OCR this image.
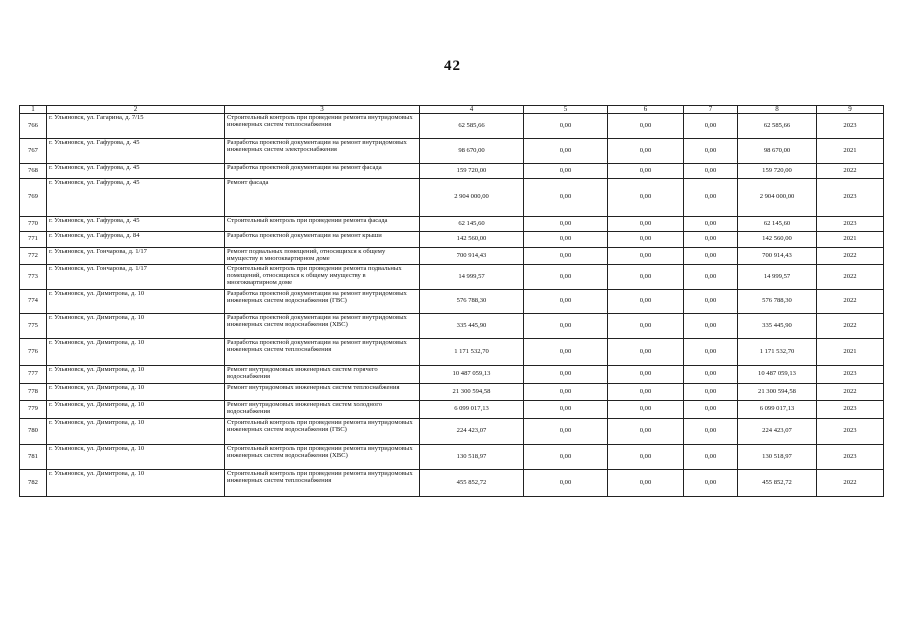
42
1	2	3	4	5	6	7	8	9
766	г. Ульяновск, ул. Гагарина, д. 7/15	Строительный контроль при проведении ремонта внутридомовых инженерных систем теплоснабжения	62 585,66	0,00	0,00	0,00	62 585,66	2023
767	г. Ульяновск, ул. Гафурова, д. 45	Разработка проектной документации на ремонт внутридомовых инженерных систем электроснабжения	98 670,00	0,00	0,00	0,00	98 670,00	2021
768	г. Ульяновск, ул. Гафурова, д. 45	Разработка проектной документации на ремонт фасада	159 720,00	0,00	0,00	0,00	159 720,00	2022
769	г. Ульяновск, ул. Гафурова, д. 45	Ремонт фасада	2 904 000,00	0,00	0,00	0,00	2 904 000,00	2023
770	г. Ульяновск, ул. Гафурова, д. 45	Строительный контроль при проведении ремонта фасада	62 145,60	0,00	0,00	0,00	62 145,60	2023
771	г. Ульяновск, ул. Гафурова, д. 84	Разработка проектной документации на ремонт крыши	142 560,00	0,00	0,00	0,00	142 560,00	2021
772	г. Ульяновск, ул. Гончарова, д. 1/17	Ремонт подвальных помещений, относящихся к общему имуществу в многоквартирном доме	700 914,43	0,00	0,00	0,00	700 914,43	2022
773	г. Ульяновск, ул. Гончарова, д. 1/17	Строительный контроль при проведении ремонта подвальных помещений, относящихся к общему имуществу в многоквартирном доме	14 999,57	0,00	0,00	0,00	14 999,57	2022
774	г. Ульяновск, ул. Димитрова, д. 10	Разработка проектной документации на ремонт внутридомовых инженерных систем водоснабжения (ГВС)	576 788,30	0,00	0,00	0,00	576 788,30	2022
775	г. Ульяновск, ул. Димитрова, д. 10	Разработка проектной документации на ремонт внутридомовых инженерных систем водоснабжения (ХВС)	335 445,90	0,00	0,00	0,00	335 445,90	2022
776	г. Ульяновск, ул. Димитрова, д. 10	Разработка проектной документации на ремонт внутридомовых инженерных систем теплоснабжения	1 171 532,70	0,00	0,00	0,00	1 171 532,70	2021
777	г. Ульяновск, ул. Димитрова, д. 10	Ремонт внутридомовых инженерных систем горячего водоснабжения	10 487 059,13	0,00	0,00	0,00	10 487 059,13	2023
778	г. Ульяновск, ул. Димитрова, д. 10	Ремонт внутридомовых инженерных систем теплоснабжения	21 300 594,58	0,00	0,00	0,00	21 300 594,58	2022
779	г. Ульяновск, ул. Димитрова, д. 10	Ремонт внутридомовых инженерных систем холодного водоснабжения	6 099 017,13	0,00	0,00	0,00	6 099 017,13	2023
780	г. Ульяновск, ул. Димитрова, д. 10	Строительный контроль при проведении ремонта внутридомовых инженерных систем водоснабжения (ГВС)	224 423,07	0,00	0,00	0,00	224 423,07	2023
781	г. Ульяновск, ул. Димитрова, д. 10	Строительный контроль при проведении ремонта внутридомовых инженерных систем водоснабжения (ХВС)	130 518,97	0,00	0,00	0,00	130 518,97	2023
782	г. Ульяновск, ул. Димитрова, д. 10	Строительный контроль при проведении ремонта внутридомовых инженерных систем теплоснабжения	455 852,72	0,00	0,00	0,00	455 852,72	2022
